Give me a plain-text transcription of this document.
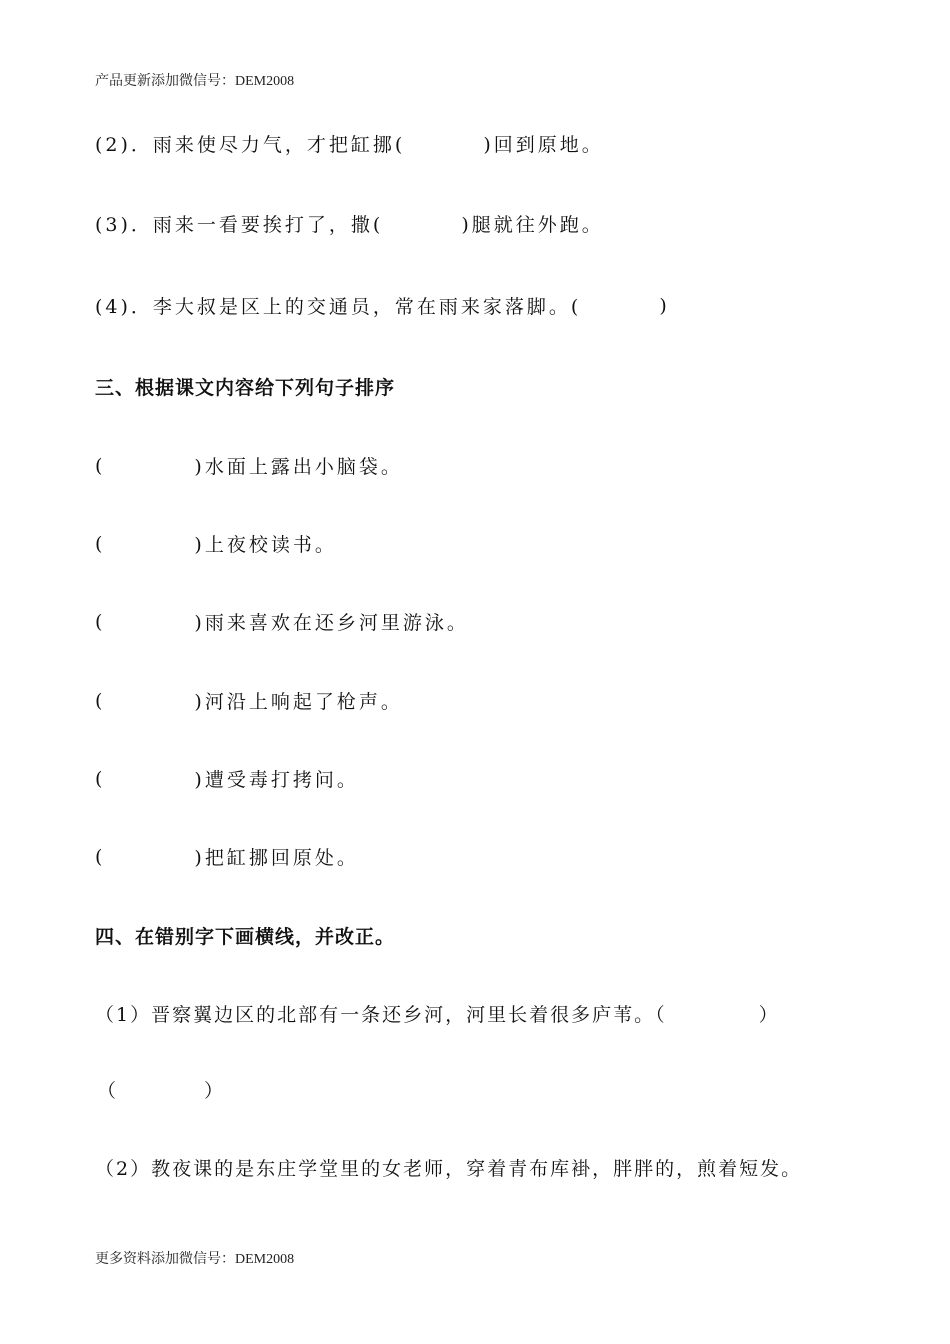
产品更新添加微信号：DEM2008
(2)．雨来使尽力气，才把缸挪(	)回到原地。
(3)．雨来一看要挨打了，撒(	)腿就往外跑。
(4)．李大叔是区上的交通员，常在雨来家落脚。(	)
三、根据课文内容给下列句子排序
(	)水面上露出小脑袋。
(	)上夜校读书。
(	)雨来喜欢在还乡河里游泳。
(	)河沿上响起了枪声。
(	)遭受毒打拷问。
(	)把缸挪回原处。
四、在错别字下画横线，并改正。
（1）晋察翼边区的北部有一条还乡河，河里长着很多庐苇。（	）
（	）
（2）教夜课的是东庄学堂里的女老师，穿着青布库褂，胖胖的，煎着短发。
更多资料添加微信号：DEM2008
